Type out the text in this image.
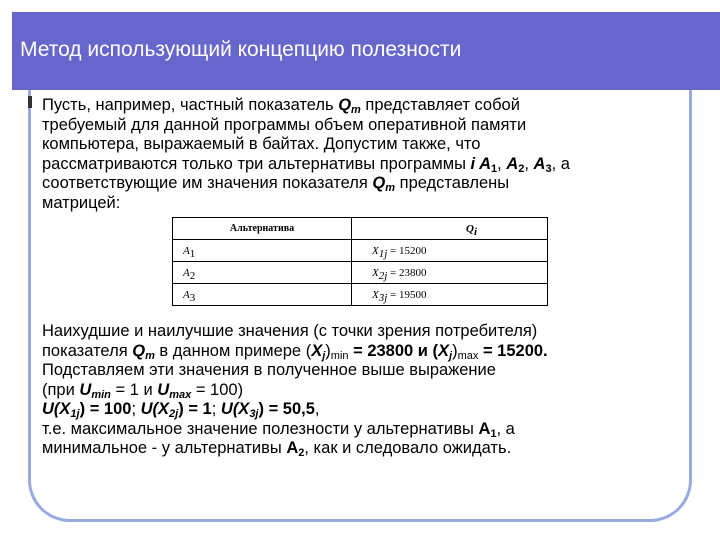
Метод использующий концепцию полезности
Пусть, например, частный показатель $Q_m$ представляет собой
требуемый для данной программы объем оперативной памяти
компьютера, выражаемый в байтах. Допустим также, что
рассматриваются только три альтернативы программы i $A_1$, $A_2$, $A_3$, а
соответствующие им значения показателя $Q_m$ представлены
матрицей:
Альтернатива	$Q_i$
$A_1$	$X_{1j} = 15200$
$A_2$	$X_{2j} = 23800$
$A_3$	$X_{3j} = 19500$
Наихудшие и наилучшие значения (с точки зрения потребителя)
показателя $Q_m$ в данном примере $(X_j)_{min} = 23800$ и $(X_j)_{max} = 15200$.
Подставляем эти значения в полученное выше выражение
(при $U_{min} = 1$ и $U_{max} = 100$)
$U(X_{1j}) = 100$; $U(X_{2j}) = 1$; $U(X_{3j}) = 50,5$,
т.е. максимальное значение полезности у альтернативы $A_1$, а
минимальное - у альтернативы $A_2$, как и следовало ожидать.
